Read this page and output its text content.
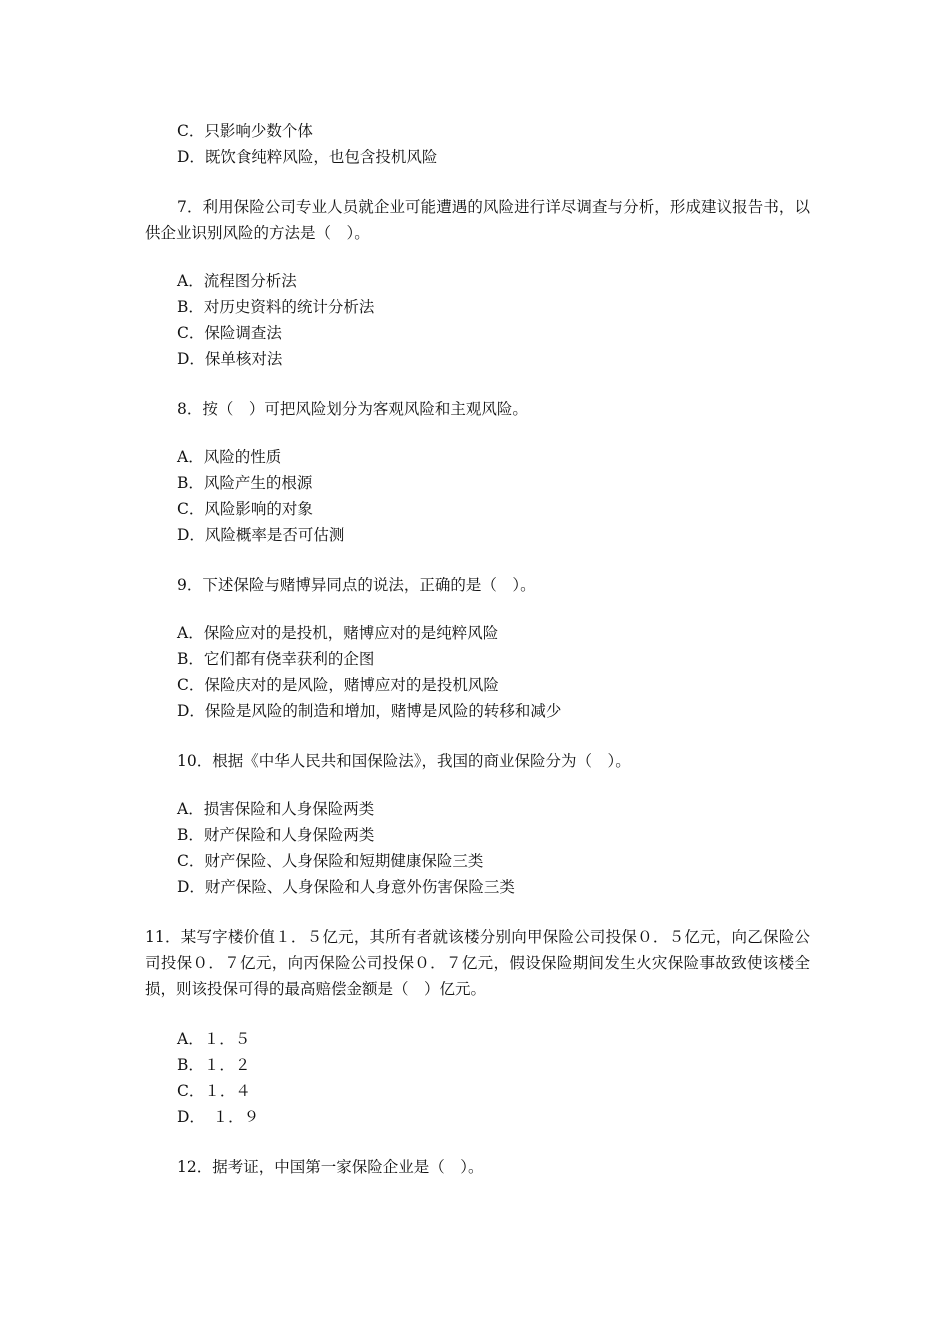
C．只影响少数个体
D．既饮食纯粹风险，也包含投机风险
7．利用保险公司专业人员就企业可能遭遇的风险进行详尽调查与分析，形成建议报告书，以供企业识别风险的方法是（　）。
A．流程图分析法
B．对历史资料的统计分析法
C．保险调查法
D．保单核对法
8．按（　）可把风险划分为客观风险和主观风险。
A．风险的性质
B．风险产生的根源
C．风险影响的对象
D．风险概率是否可估测
9．下述保险与赌博异同点的说法，正确的是（　）。
A．保险应对的是投机，赌博应对的是纯粹风险
B．它们都有侥幸获利的企图
C．保险庆对的是风险，赌博应对的是投机风险
D．保险是风险的制造和增加，赌博是风险的转移和减少
10．根据《中华人民共和国保险法》，我国的商业保险分为（　）。
A．损害保险和人身保险两类
B．财产保险和人身保险两类
C．财产保险、人身保险和短期健康保险三类
D．财产保险、人身保险和人身意外伤害保险三类
11．某写字楼价值１．５亿元，其所有者就该楼分别向甲保险公司投保０．５亿元，向乙保险公司投保０．７亿元，向丙保险公司投保０．７亿元，假设保险期间发生火灾保险事故致使该楼全损，则该投保可得的最高赔偿金额是（　）亿元。
A．１．５
B．１．２
C．１．４
D．　１．９
12．据考证，中国第一家保险企业是（　）。
